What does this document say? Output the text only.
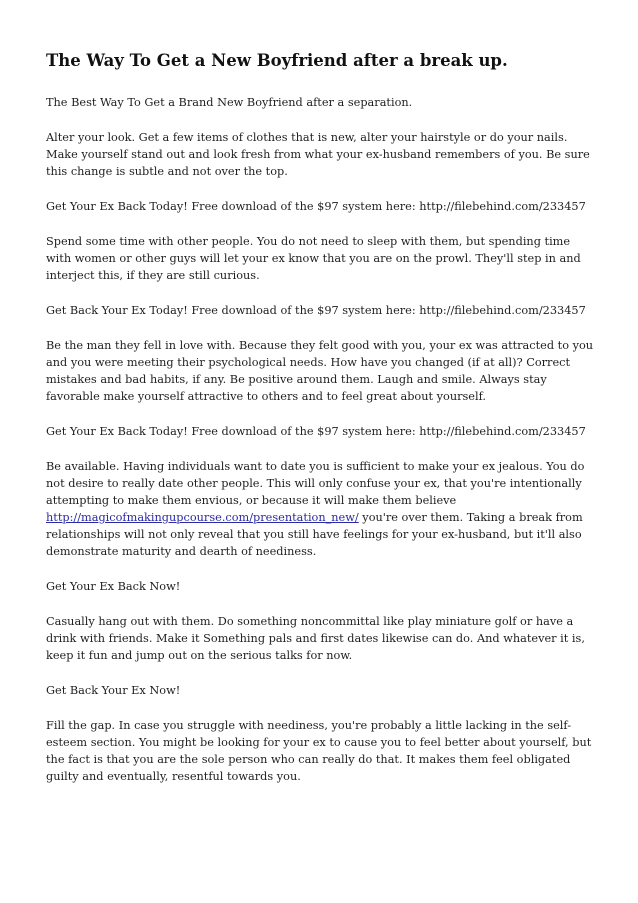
The Way To Get a New Boyfriend after a break up.

The Best Way To Get a Brand New Boyfriend after a separation.

Alter your look. Get a few items of clothes that is new, alter your hairstyle or do your nails. Make yourself stand out and look fresh from what your ex-husband remembers of you. Be sure this change is subtle and not over the top.

Get Your Ex Back Today! Free download of the $97 system here: http://filebehind.com/233457

Spend some time with other people. You do not need to sleep with them, but spending time with women or other guys will let your ex know that you are on the prowl. They'll step in and interject this, if they are still curious.

Get Back Your Ex Today! Free download of the $97 system here: http://filebehind.com/233457

Be the man they fell in love with. Because they felt good with you, your ex was attracted to you and you were meeting their psychological needs. How have you changed (if at all)? Correct mistakes and bad habits, if any. Be positive around them. Laugh and smile. Always stay favorable make yourself attractive to others and to feel great about yourself.

Get Your Ex Back Today! Free download of the $97 system here: http://filebehind.com/233457

Be available. Having individuals want to date you is sufficient to make your ex jealous. You do not desire to really date other people. This will only confuse your ex, that you're intentionally attempting to make them envious, or because it will make them believe http://magicofmakingupcourse.com/presentation_new/ you're over them. Taking a break from relationships will not only reveal that you still have feelings for your ex-husband, but it'll also demonstrate maturity and dearth of neediness.

Get Your Ex Back Now!

Casually hang out with them. Do something noncommittal like play miniature golf or have a drink with friends. Make it Something pals and first dates likewise can do. And whatever it is, keep it fun and jump out on the serious talks for now.

Get Back Your Ex Now!

Fill the gap. In case you struggle with neediness, you're probably a little lacking in the self-esteem section. You might be looking for your ex to cause you to feel better about yourself, but the fact is that you are the sole person who can really do that. It makes them feel obligated guilty and eventually, resentful towards you.
